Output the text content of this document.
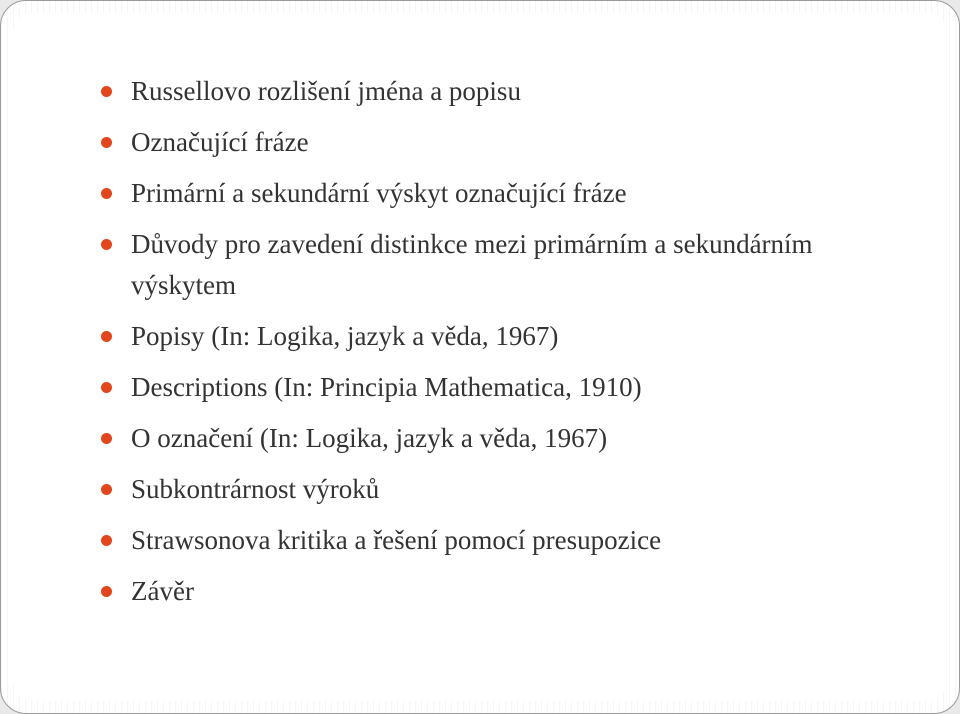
Russellovo rozlišení jména a popisu
Označující fráze
Primární a sekundární výskyt označující fráze
Důvody pro zavedení distinkce mezi primárním a sekundárním výskytem
Popisy (In: Logika, jazyk a věda, 1967)
Descriptions (In: Principia Mathematica, 1910)
O označení (In: Logika, jazyk a věda, 1967)
Subkontrárnost výroků
Strawsonova kritika a řešení pomocí presupozice
Závěr
